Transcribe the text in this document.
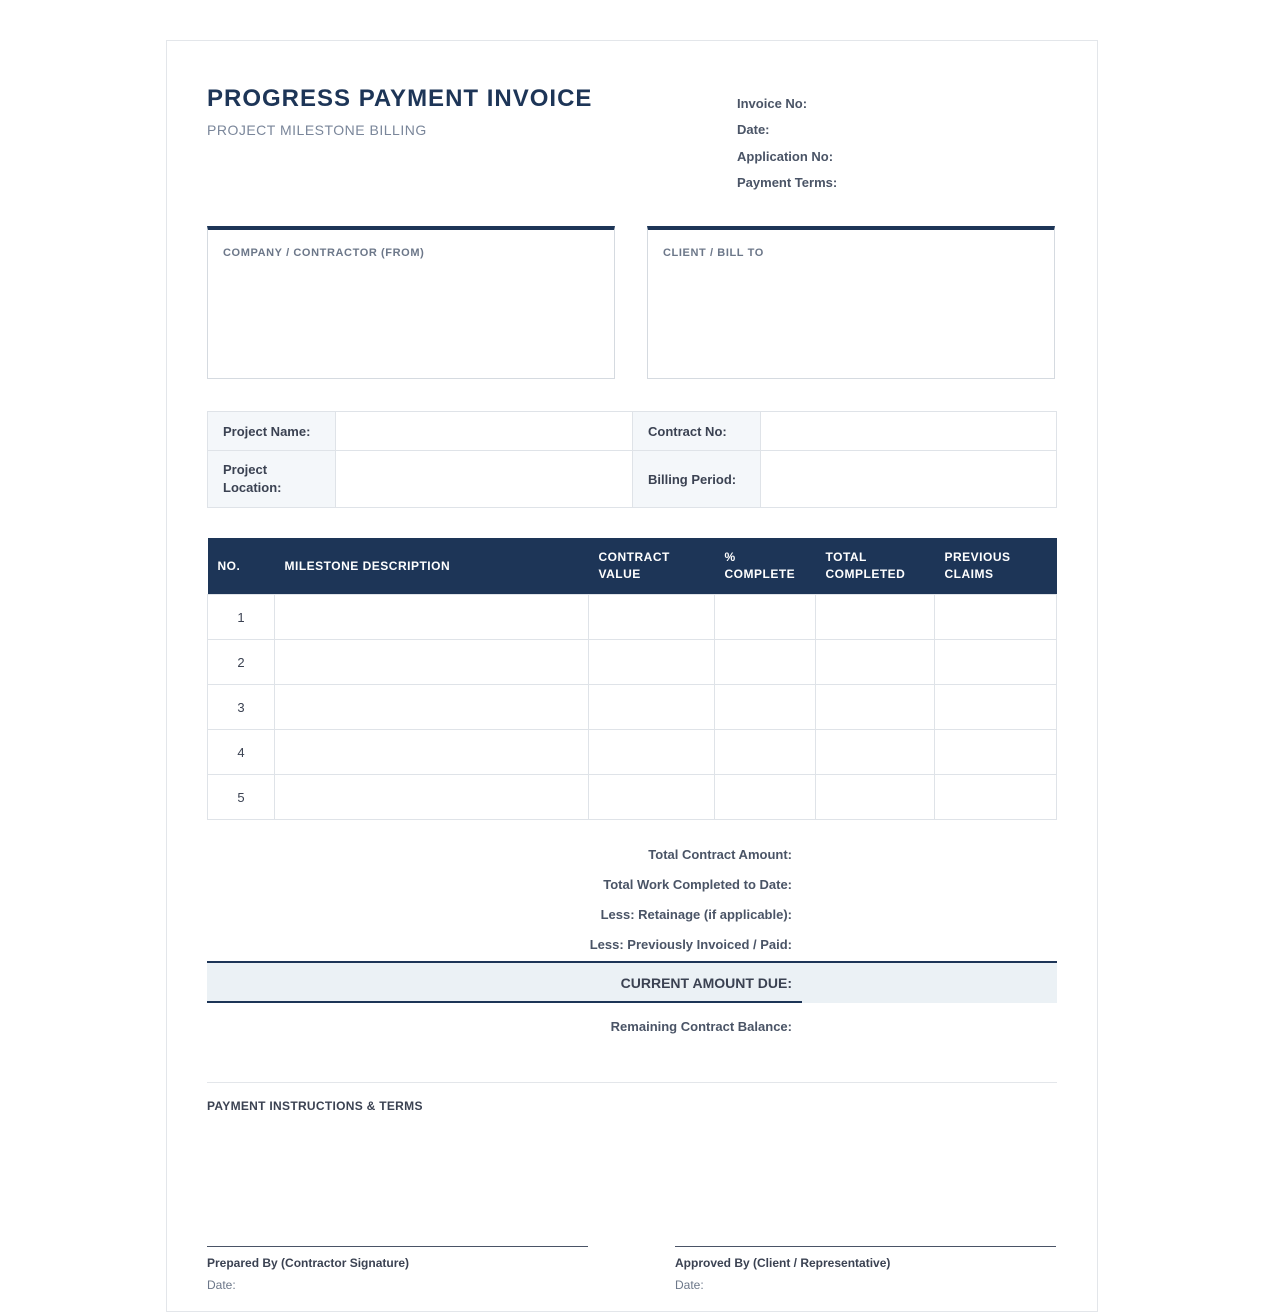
PROGRESS PAYMENT INVOICE
PROJECT MILESTONE BILLING
Invoice No:
Date:
Application No:
Payment Terms:
COMPANY / CONTRACTOR (FROM)	CLIENT / BILL TO
Project Name:		Contract No:	
Project Location:		Billing Period:	
NO.	MILESTONE DESCRIPTION	CONTRACT VALUE	% COMPLETE	TOTAL COMPLETED	PREVIOUS CLAIMS

1					
2					
3					
4					
5					
Total Contract Amount:
Total Work Completed to Date:
Less: Retainage (if applicable):
Less: Previously Invoiced / Paid:
CURRENT AMOUNT DUE:
Remaining Contract Balance:
PAYMENT INSTRUCTIONS & TERMS
Prepared By (Contractor Signature)
Date:
Approved By (Client / Representative)
Date:
